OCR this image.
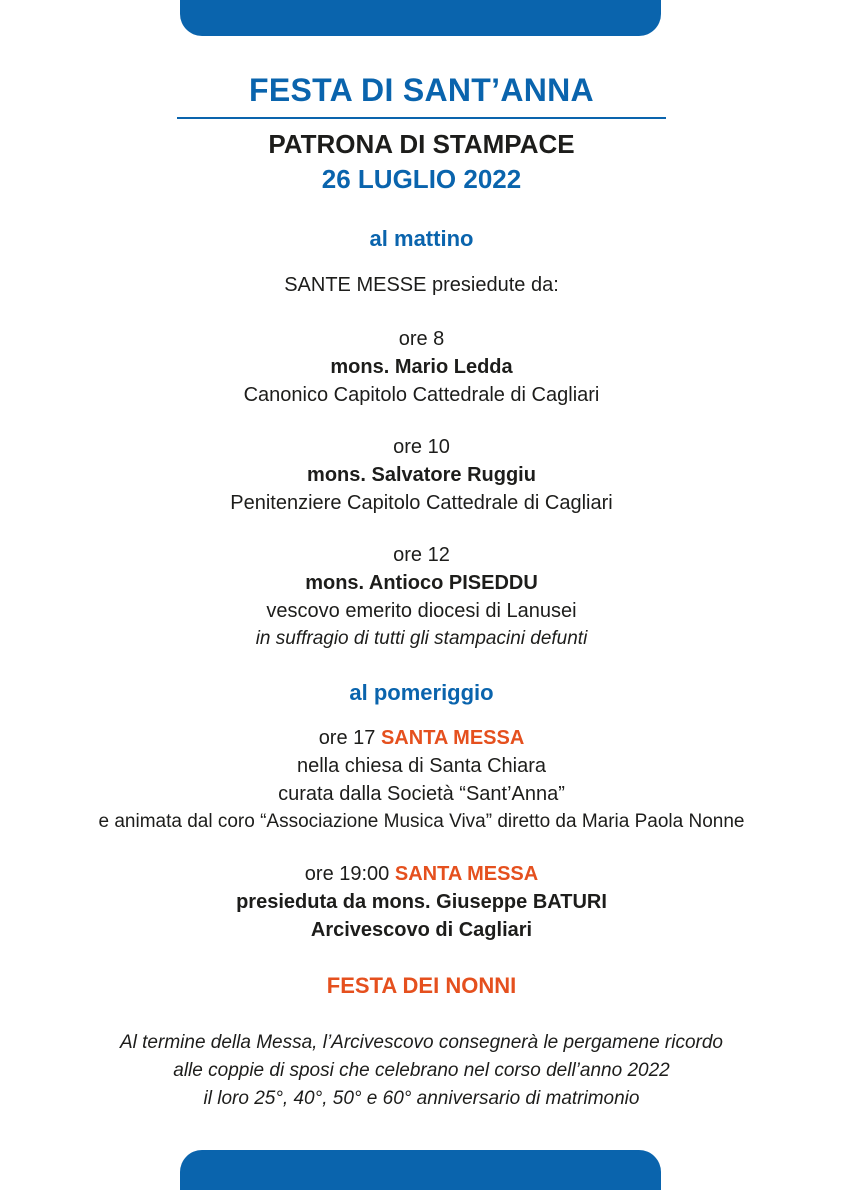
FESTA DI SANT’ANNA
PATRONA DI STAMPACE
26 LUGLIO 2022
al mattino
SANTE MESSE presiedute da:
ore 8
mons. Mario Ledda
Canonico Capitolo Cattedrale di Cagliari
ore 10
mons. Salvatore Ruggiu
Penitenziere Capitolo Cattedrale di Cagliari
ore 12
mons. Antioco PISEDDU
vescovo emerito diocesi di Lanusei
in suffragio di tutti gli stampacini defunti
al pomeriggio
ore 17 SANTA MESSA
nella chiesa di Santa Chiara
curata dalla Società “Sant’Anna”
e animata dal coro “Associazione Musica Viva” diretto da Maria Paola Nonne
ore 19:00 SANTA MESSA
presieduta da mons. Giuseppe BATURI
Arcivescovo di Cagliari
FESTA DEI NONNI
Al termine della Messa, l’Arcivescovo consegnerà le pergamene ricordo
alle coppie di sposi che celebrano nel corso dell’anno 2022
il loro 25°, 40°, 50° e 60° anniversario di matrimonio
